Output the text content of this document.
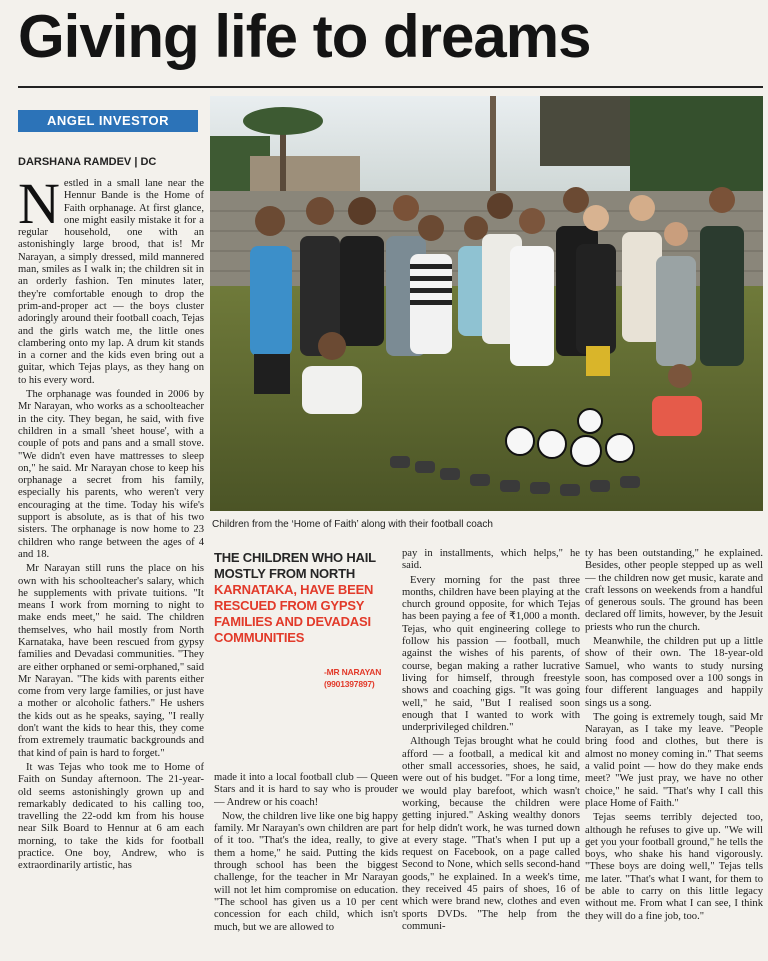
Giving life to dreams
ANGEL INVESTOR
DARSHANA RAMDEV | DC

Nestled in a small lane near the Hennur Bande is the Home of Faith orphanage. At first glance, one might easily mistake it for a regular household, one with an astonishingly large brood, that is! Mr Narayan, a simply dressed, mild mannered man, smiles as I walk in; the children sit in an orderly fashion. Ten minutes later, they're comfortable enough to drop the prim-and-proper act — the boys cluster adoringly around their football coach, Tejas and the girls watch me, the little ones clambering onto my lap. A drum kit stands in a corner and the kids even bring out a guitar, which Tejas plays, as they hang on to his every word.

The orphanage was founded in 2006 by Mr Narayan, who works as a schoolteacher in the city. They began, he said, with five children in a small 'sheet house', with a couple of pots and pans and a small stove. "We didn't even have mattresses to sleep on," he said. Mr Narayan chose to keep his orphanage a secret from his family, especially his parents, who weren't very encouraging at the time. Today his wife's support is absolute, as is that of his two sisters. The orphanage is now home to 23 children who range between the ages of 4 and 18.

Mr Narayan still runs the place on his own with his schoolteacher's salary, which he supplements with private tuitions. "It means I work from morning to night to make ends meet," he said. The children themselves, who hail mostly from North Karnataka, have been rescued from gypsy families and Devadasi communities. "They are either orphaned or semi-orphaned," said Mr Narayan. "The kids with parents either come from very large families, or just have a mother or alcoholic fathers." He ushers the kids out as he speaks, saying, "I really don't want the kids to hear this, they come from extremely traumatic backgrounds and that kind of pain is hard to forget."

It was Tejas who took me to Home of Faith on Sunday afternoon. The 21-year-old seems astonishingly grown up and remarkably dedicated to his calling too, travelling the 22-odd km from his house near Silk Board to Hennur at 6 am each morning, to take the kids for football practice. One boy, Andrew, who is extraordinarily artistic, has

Children from the ‘Home of Faith’ along with their football coach
THE CHILDREN WHO HAIL MOSTLY FROM NORTH KARNATAKA, HAVE BEEN RESCUED FROM GYPSY FAMILIES AND DEVADASI COMMUNITIES
-MR NARAYAN
(9901397897)

made it into a local football club — Queen Stars and it is hard to say who is prouder — Andrew or his coach!

Now, the children live like one big happy family. Mr Narayan's own children are part of it too. "That's the idea, really, to give them a home," he said. Putting the kids through school has been the biggest challenge, for the teacher in Mr Narayan will not let him compromise on education. "The school has given us a 10 per cent concession for each child, which isn't much, but we are allowed to

pay in installments, which helps," he said.

Every morning for the past three months, children have been playing at the church ground opposite, for which Tejas has been paying a fee of ₹1,000 a month. Tejas, who quit engineering college to follow his passion — football, much against the wishes of his parents, of course, began making a rather lucrative living for himself, through freestyle shows and coaching gigs. "It was going well," he said, "But I realised soon enough that I wanted to work with underprivileged children."

Although Tejas brought what he could afford — a football, a medical kit and other small accessories, shoes, he said, were out of his budget. "For a long time, we would play barefoot, which wasn't working, because the children were getting injured." Asking wealthy donors for help didn't work, he was turned down at every stage. "That's when I put up a request on Facebook, on a page called Second to None, which sells second-hand goods," he explained. In a week's time, they received 45 pairs of shoes, 16 of which were brand new, clothes and even sports DVDs. "The help from the communi-

ty has been outstanding," he explained. Besides, other people stepped up as well — the children now get music, karate and craft lessons on weekends from a handful of generous souls. The ground has been declared off limits, however, by the Jesuit priests who run the church.

Meanwhile, the children put up a little show of their own. The 18-year-old Samuel, who wants to study nursing soon, has composed over a 100 songs in four different languages and happily sings us a song.

The going is extremely tough, said Mr Narayan, as I take my leave. "People bring food and clothes, but there is almost no money coming in." That seems a valid point — how do they make ends meet? "We just pray, we have no other choice," he said. "That's why I call this place Home of Faith."

Tejas seems terribly dejected too, although he refuses to give up. "We will get you your football ground," he tells the boys, who shake his hand vigorously. "These boys are doing well," Tejas tells me later. "That's what I want, for them to be able to carry on this little legacy without me. From what I can see, I think they will do a fine job, too."
